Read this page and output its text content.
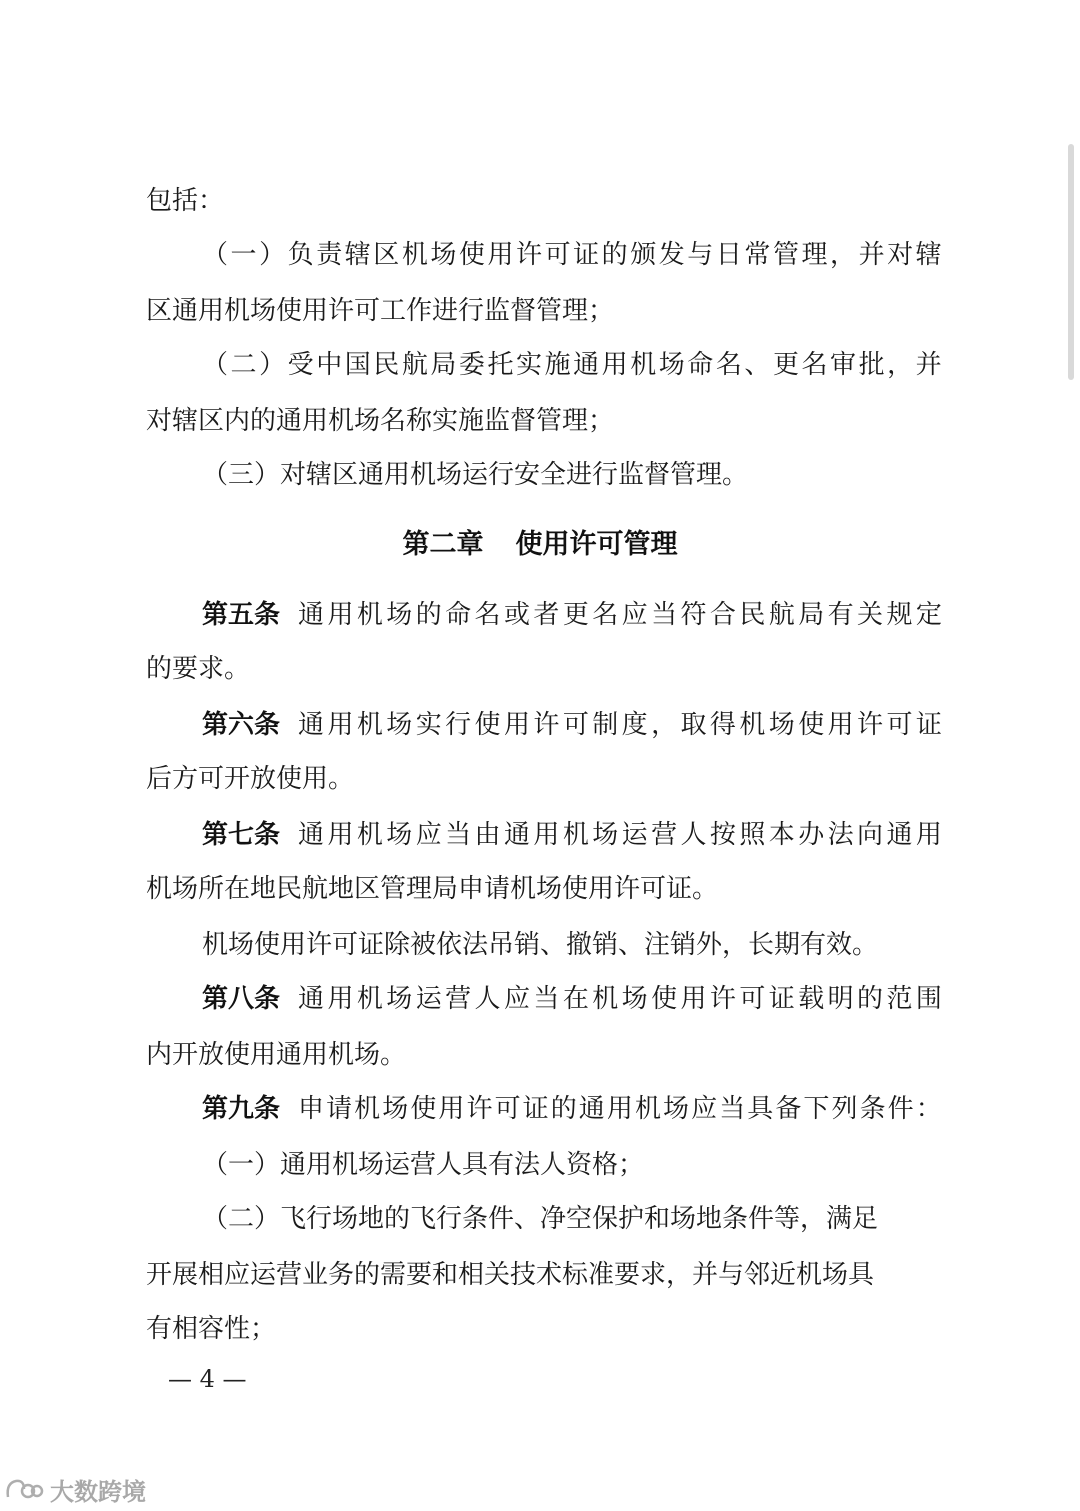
包括：
（ 一 ） 负 责 辖 区 机 场 使 用 许 可 证 的 颁 发 与 日 常 管 理 ， 并 对 辖
区通用机场使用许可工作进行监督管理；
（ 二 ） 受 中 国 民 航 局 委 托 实 施 通 用 机 场 命 名 、 更 名 审 批 ， 并
对辖区内的通用机场名称实施监督管理；
（三）对辖区通用机场运行安全进行监督管理。
第二章 使用许可管理
第五条 通 用 机 场 的 命 名 或 者 更 名 应 当 符 合 民 航 局 有 关 规 定
的要求。
第六条 通 用 机 场 实 行 使 用 许 可 制 度 ， 取 得 机 场 使 用 许 可 证
后方可开放使用。
第七条 通 用 机 场 应 当 由 通 用 机 场 运 营 人 按 照 本 办 法 向 通 用
机场所在地民航地区管理局申请机场使用许可证。
机场使用许可证除被依法吊销、撤销、注销外，长期有效。
第八条 通 用 机 场 运 营 人 应 当 在 机 场 使 用 许 可 证 载 明 的 范 围
内开放使用通用机场。
第九条 申 请 机 场 使 用 许 可 证 的 通 用 机 场 应 当 具 备 下 列 条 件 ：
（一）通用机场运营人具有法人资格；
（二）飞行场地的飞行条件、净空保护和场地条件等，满足
开展相应运营业务的需要和相关技术标准要求，并与邻近机场具
有相容性；
— 4 —
大数跨境
